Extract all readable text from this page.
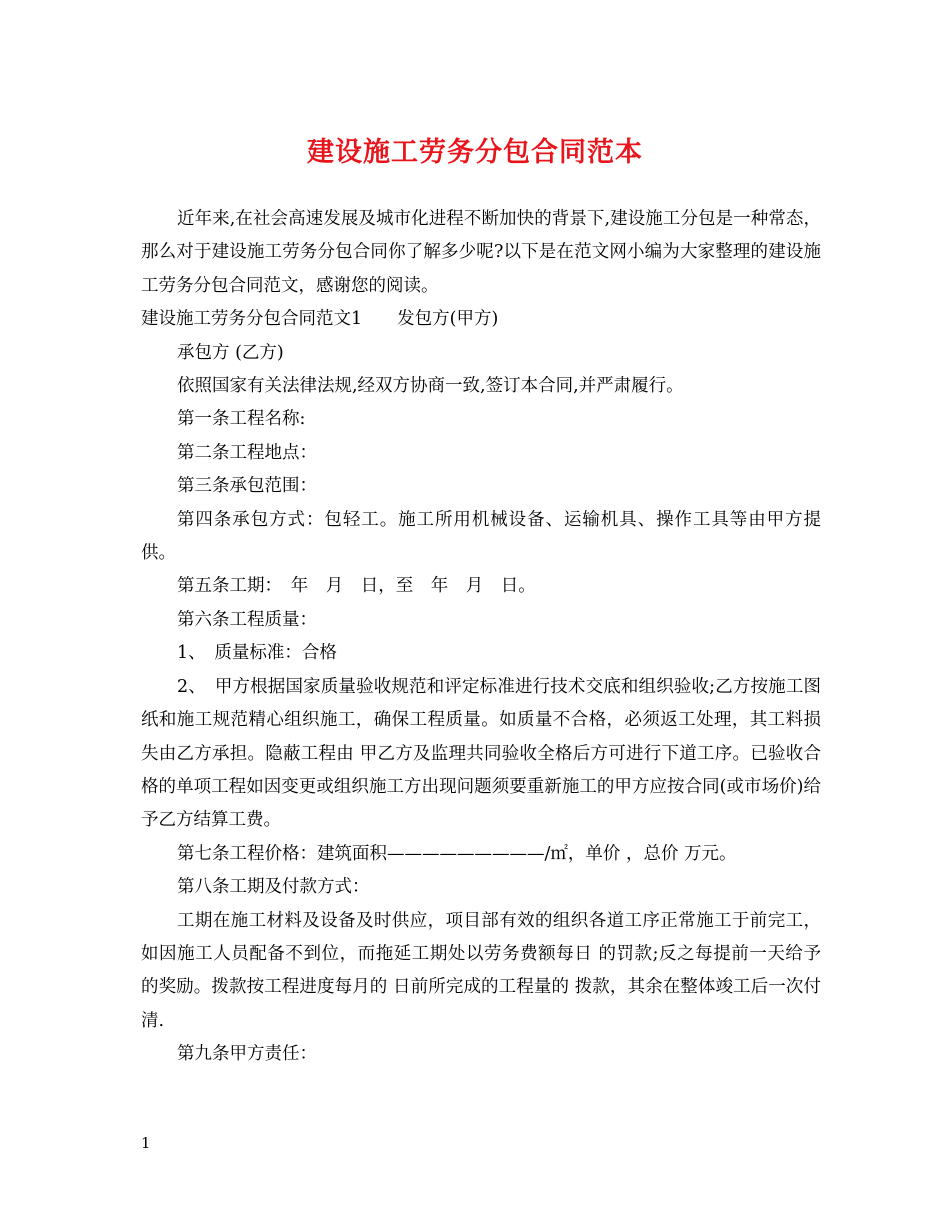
建设施工劳务分包合同范本

近年来,在社会高速发展及城市化进程不断加快的背景下,建设施工分包是一种常态，那么对于建设施工劳务分包合同你了解多少呢?以下是在范文网小编为大家整理的建设施工劳务分包合同范文，感谢您的阅读。

建设施工劳务分包合同范文1　　发包方(甲方)

承包方 (乙方)

依照国家有关法律法规,经双方协商一致,签订本合同,并严肃履行。

第一条工程名称:

第二条工程地点：

第三条承包范围：

第四条承包方式：包轻工。施工所用机械设备、运输机具、操作工具等由甲方提供。

第五条工期：　年　月　日，至　年　月　日。

第六条工程质量：

1、　质量标准：合格

2、　甲方根据国家质量验收规范和评定标准进行技术交底和组织验收;乙方按施工图纸和施工规范精心组织施工，确保工程质量。如质量不合格，必须返工处理，其工料损失由乙方承担。隐蔽工程由 甲乙方及监理共同验收全格后方可进行下道工序。已验收合格的单项工程如因变更或组织施工方出现问题须要重新施工的甲方应按合同(或市场价)给予乙方结算工费。

第七条工程价格：建筑面积—————————/㎡，单价 ，总价 万元。

第八条工期及付款方式：

工期在施工材料及设备及时供应，项目部有效的组织各道工序正常施工于前完工，如因施工人员配备不到位，而拖延工期处以劳务费额每日 的罚款;反之每提前一天给予 的奖励。拨款按工程进度每月的 日前所完成的工程量的 拨款，其余在整体竣工后一次付清.

第九条甲方责任：

1
